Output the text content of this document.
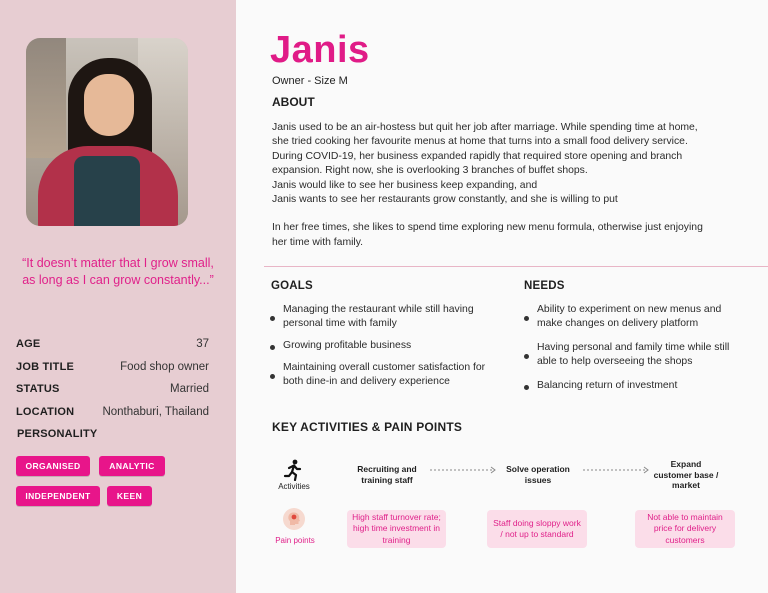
“It doesn’t matter that I grow small, as long as I can grow constantly...”
AGE	37
JOB TITLE	Food shop owner
STATUS	Married
LOCATION Nonthaburi, Thailand
PERSONALITY
ORGANISED	ANALYTIC
INDEPENDENT	KEEN
Janis
Owner - Size M
ABOUT

Janis used to be an air-hostess but quit her job after marriage. While spending time at home,

she tried cooking her favourite menus at home that turns into a small food delivery service.

During COVID-19, her business expanded rapidly that required store opening and branch

expansion. Right now, she is overlooking 3 branches of buffet shops.

Janis would like to see her business keep expanding, and

Janis wants to see her restaurants grow constantly, and she is willing to put

In her free times, she likes to spend time exploring new menu formula, otherwise just enjoying

her time with family.

GOALS
Managing the restaurant while still having personal time with family
Growing profitable business
Maintaining overall customer satisfaction for both dine-in and delivery experience
NEEDS
Ability to experiment on new menus and make changes on delivery platform
Having personal and family time while still able to help overseeing the shops
Balancing return of investment
KEY ACTIVITIES & PAIN POINTS
Activities
Recruiting and training staff
Solve operation issues
Expand customer base / market
Pain points
High staff turnover rate; high time investment in training
Staff doing sloppy work / not up to standard
Not able to maintain price for delivery customers
